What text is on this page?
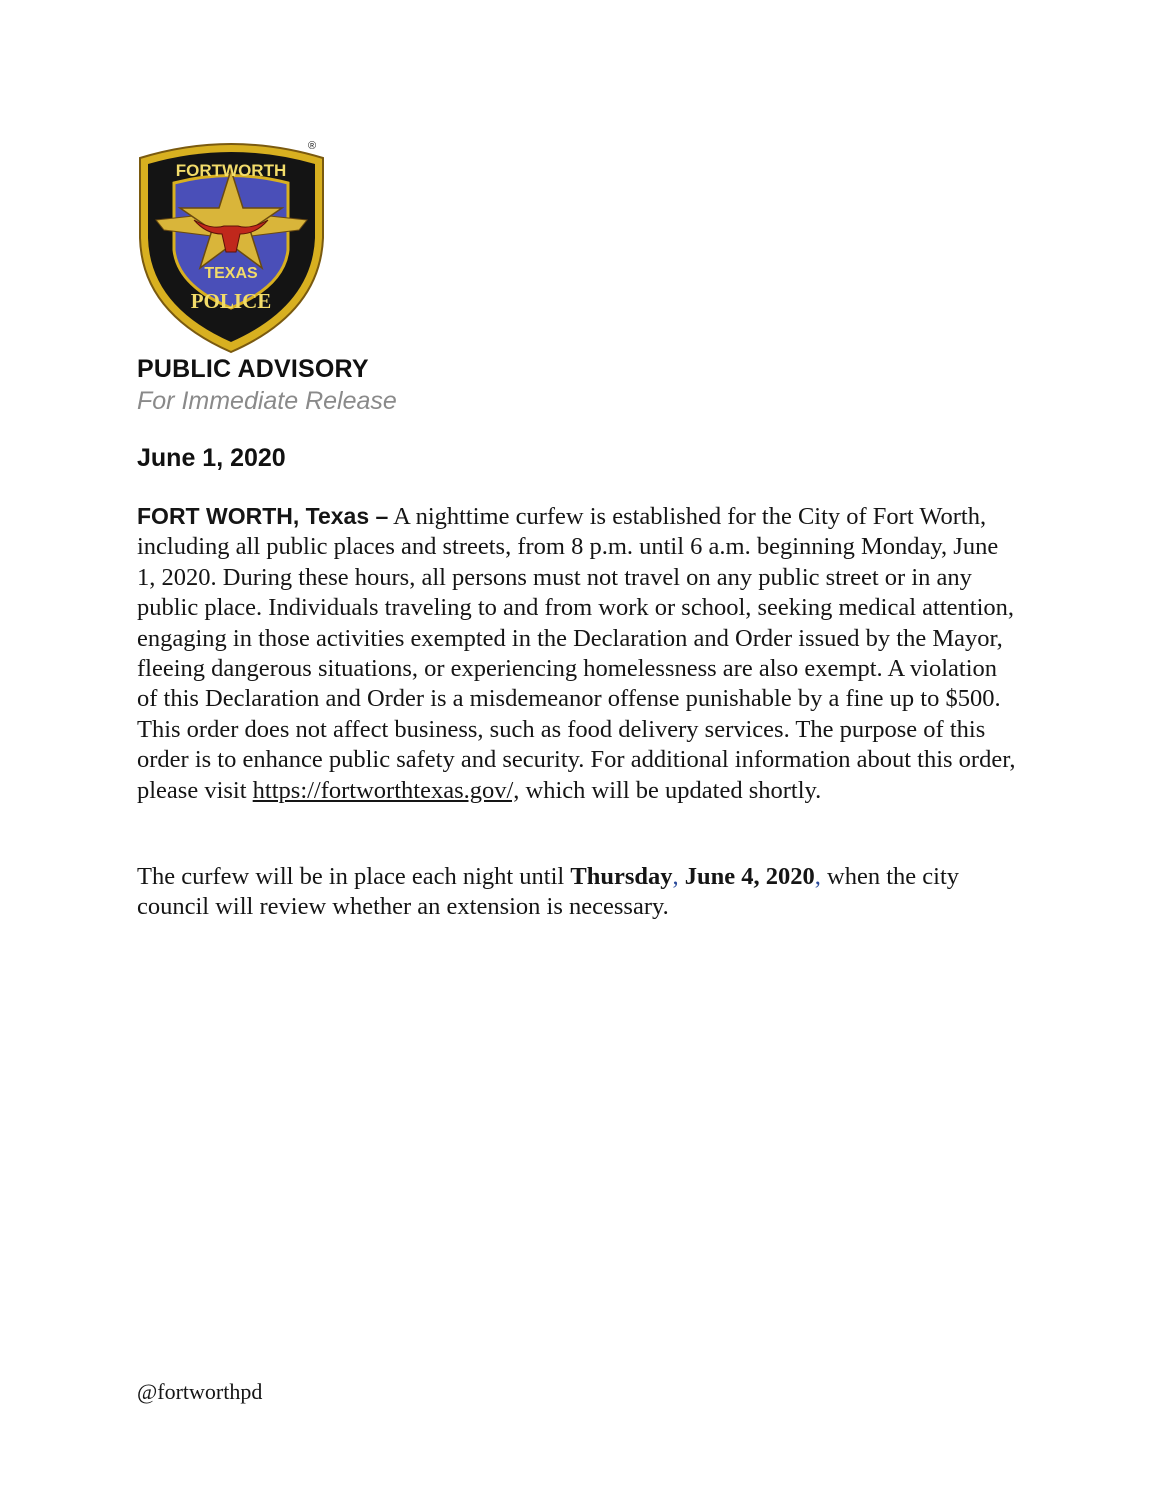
FORTWORTH
TEXAS
POLICE
®
PUBLIC ADVISORY
For Immediate Release
June 1, 2020
FORT WORTH, Texas – A nighttime curfew is established for the City of Fort Worth, including all public places and streets, from 8 p.m. until 6 a.m. beginning Monday, June 1, 2020. During these hours, all persons must not travel on any public street or in any public place. Individuals traveling to and from work or school, seeking medical attention, engaging in those activities exempted in the Declaration and Order issued by the Mayor, fleeing dangerous situations, or experiencing homelessness are also exempt. A violation of this Declaration and Order is a misdemeanor offense punishable by a fine up to $500. This order does not affect business, such as food delivery services. The purpose of this order is to enhance public safety and security. For additional information about this order, please visit https://fortworthtexas.gov/, which will be updated shortly.
The curfew will be in place each night until Thursday, June 4, 2020, when the city council will review whether an extension is necessary.
@fortworthpd
